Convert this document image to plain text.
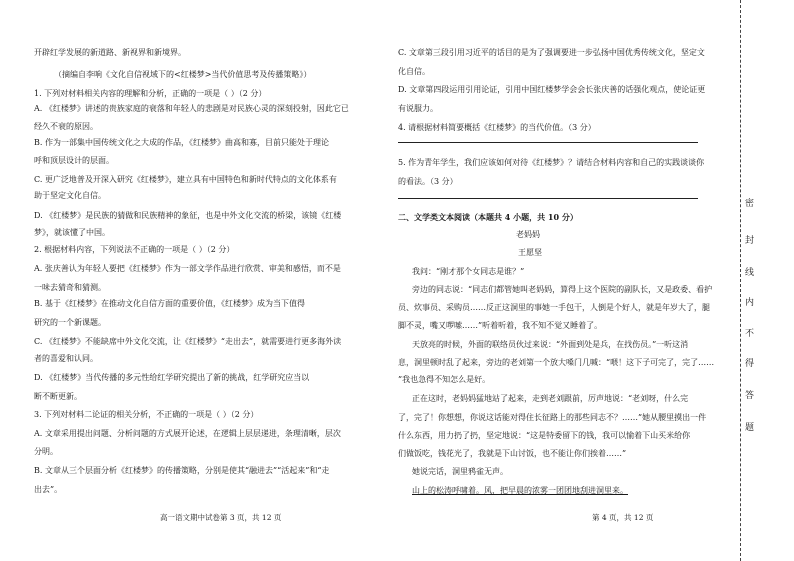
开辟红学发展的新道路、新视界和新境界。
（摘编自李响《文化自信视域下的<红楼梦>当代价值思考及传播策略》）
1. 下列对材料相关内容的理解和分析，正确的一项是（ ）（2 分）
A. 《红楼梦》讲述的贵族家庭的衰落和年轻人的悲剧是对民族心灵的深刻投射，因此它已
经久不衰的原因。
B. 作为一部集中国传统文化之大成的作品，《红楼梦》曲高和寡，目前只能处于理论
呼和顶层设计的层面。
C. 更广泛地普及开深入研究《红楼梦》，建立具有中国特色和新时代特点的文化体系有
助于坚定文化自信。
D. 《红楼梦》是民族的猜做和民族精神的象征，也是中外文化交流的桥梁，该镜《红楼
梦》，就该懂了中国。
2. 根据材料内容，下列说法不正确的一项是（ ）（2 分）
A. 张庆善认为年轻人要把《红楼梦》作为一部文学作品进行欣赏、审美和感悟，而不是
一味去猜奇和猜测。
B. 基于《红楼梦》在推动文化自信方面的重要价值，《红楼梦》成为当下值得
研究的一个新课题。
C. 《红楼梦》不能缺席中外文化交流，让《红楼梦》“走出去”，就需要进行更多海外读
者的喜爱和认同。
D. 《红楼梦》当代传播的多元性给红学研究提出了新的挑战，红学研究应当以
断不断更新。
3. 下列对材料二论证的相关分析，不正确的一项是（ ）（2 分）
A. 文章采用提出问题、分析问题的方式展开论述，在逻辑上层层递进，条理清晰，层次
分明。
B. 文章从三个层面分析《红楼梦》的传播策略，分别是使其“融进去”“活起来”和“走
出去”。
C. 文章第三段引用习近平的话目的是为了强调要进一步弘扬中国优秀传统文化，坚定文
化自信。
D. 文章第四段运用引用论证，引用中国红楼梦学会会长张庆善的话强化观点，使论证更
有说服力。
4. 请根据材料简要概括《红楼梦》的当代价值。（3 分）
5. 作为青年学生，我们应该如何对待《红楼梦》？请结合材料内容和自己的实践谈谈你
的看法。（3 分）
二、文学类文本阅读（本题共 4 小题，共 10 分）
老妈妈
王愿坚
我问：“刚才那个女同志是谁？”
旁边的同志说：“同志们都管她叫老妈妈，算得上这个医院的副队长，又是政委、看护
员、炊事员、采购员……反正这洞里的事她一手包干，人倒是个好人，就是年岁大了，腿
脚不灵，嘴又啰嗦……”听着听着，我不知不觉又睡着了。
天放亮的时候，外面的联络员伙过来说：“外面到处是兵，在找伤员。”一听这消
息，洞里顿时乱了起来，旁边的老刘第一个放大嗓门几喊：“喂！这下子可完了，完了……
”我也急得不知怎么是好。
正在这时，老妈妈猛地站了起来，走到老刘跟前，厉声地说：“老刘呀，什么完
了，完了！你想想，你说这话能对得住长征路上的那些同志不？……”她从腰里摸出一件
什么东西，用力扔了扔，坚定地说：“这是特委留下的钱，我可以愉着下山买米给你
们做饭吃，钱花光了，我就是下山讨饭，也不能让你们挨着……”
她说完话，洞里鸦雀无声。
山上的松涛呼啸着。风，把早晨的浓雾一团团地刮进洞里来。
高一语文期中试卷第 3 页，共 12 页	第 4 页，共 12 页
密
封
线
内
不
得
答
题
